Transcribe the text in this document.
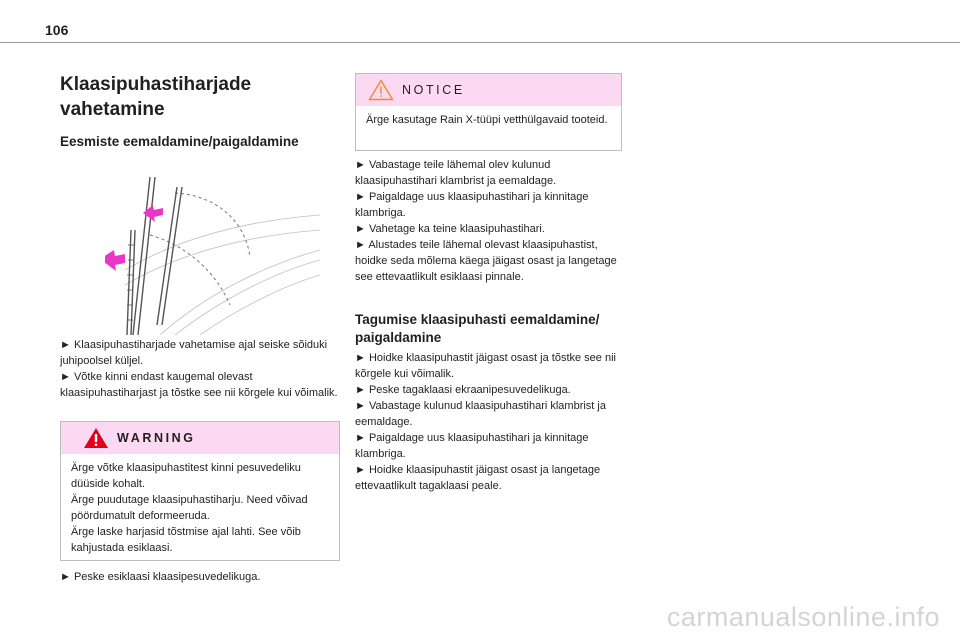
106
Klaasipuhastiharjade vahetamine
Eesmiste eemaldamine/paigaldamine

► Klaasipuhastiharjade vahetamise ajal seiske sõiduki juhipoolsel küljel.

► Võtke kinni endast kaugemal olevast klaasipuhastiharjast ja tõstke see nii kõrgele kui võimalik.

WARNING

Ärge võtke klaasipuhastitest kinni pesuvedeliku düüside kohalt.

Ärge puudutage klaasipuhastiharju. Need võivad pöördumatult deformeeruda.

Ärge laske harjasid tõstmise ajal lahti. See võib kahjustada esiklaasi.

► Peske esiklaasi klaasipesuvedelikuga.

NOTICE

Ärge kasutage Rain X-tüüpi vetthülgavaid tooteid.

► Vabastage teile lähemal olev kulunud klaasipuhastihari klambrist ja eemaldage.

► Paigaldage uus klaasipuhastihari ja kinnitage klambriga.

► Vahetage ka teine klaasipuhastihari.

► Alustades teile lähemal olevast klaasipuhastist, hoidke seda mõlema käega jäigast osast ja langetage see ettevaatlikult esiklaasi pinnale.

Tagumise klaasipuhasti eemaldamine/ paigaldamine

► Hoidke klaasipuhastit jäigast osast ja tõstke see nii kõrgele kui võimalik.

► Peske tagaklaasi ekraanipesuvedelikuga.

► Vabastage kulunud klaasipuhastihari klambrist ja eemaldage.

► Paigaldage uus klaasipuhastihari ja kinnitage klambriga.

► Hoidke klaasipuhastit jäigast osast ja langetage ettevaatlikult tagaklaasi peale.

carmanualsonline.info
